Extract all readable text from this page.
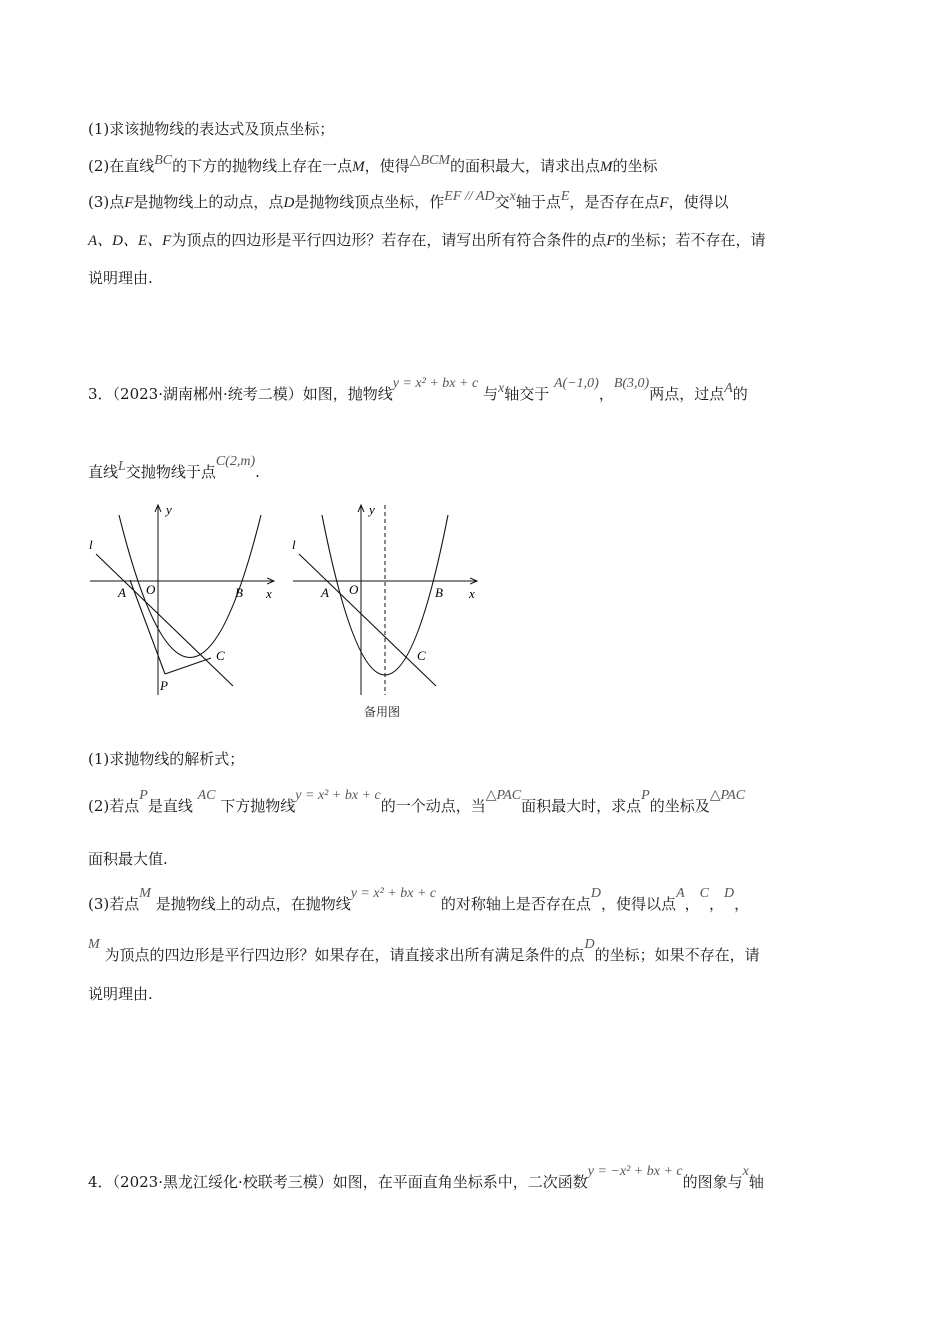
(1)求该抛物线的表达式及顶点坐标；
(2)在直线BC的下方的抛物线上存在一点M，使得△BCM的面积最大，请求出点M的坐标
(3)点F是抛物线上的动点，点D是抛物线顶点坐标，作EF // AD交x轴于点E，是否存在点F，使得以
A、D、E、F为顶点的四边形是平行四边形？若存在，请写出所有符合条件的点F的坐标；若不存在，请
说明理由.
3．（2023·湖南郴州·统考二模）如图，抛物线y = x² + bx + c 与x轴交于 A(−1,0)，B(3,0)两点，过点A的
直线L交抛物线于点C(2,m).
y
l
A O	B x
C
P
y
l
A O	B x
C
备用图
(1)求抛物线的解析式；
(2)若点P是直线 AC 下方抛物线y = x² + bx + c的一个动点，当△PAC面积最大时，求点P的坐标及△PAC
面积最大值.
(3)若点M 是抛物线上的动点，在抛物线y = x² + bx + c 的对称轴上是否存在点D，使得以点A，C，D，
M 为顶点的四边形是平行四边形？如果存在，请直接求出所有满足条件的点D的坐标；如果不存在，请
说明理由.
4．（2023·黑龙江绥化·校联考三模）如图，在平面直角坐标系中，二次函数y = −x² + bx + c的图象与x轴
